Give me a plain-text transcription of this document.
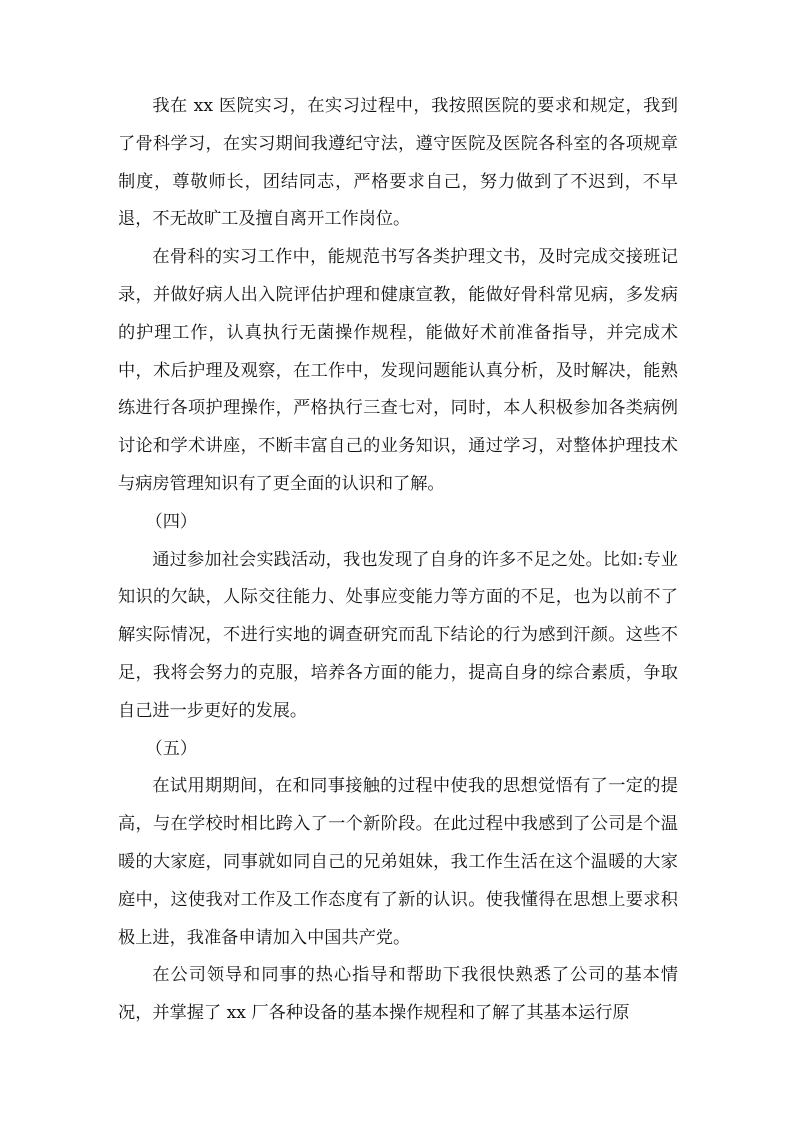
我在 xx 医院实习，在实习过程中，我按照医院的要求和规定，我到了骨科学习，在实习期间我遵纪守法，遵守医院及医院各科室的各项规章制度，尊敬师长，团结同志，严格要求自己，努力做到了不迟到，不早退，不无故旷工及擅自离开工作岗位。

在骨科的实习工作中，能规范书写各类护理文书，及时完成交接班记录，并做好病人出入院评估护理和健康宣教，能做好骨科常见病，多发病的护理工作，认真执行无菌操作规程，能做好术前准备指导，并完成术中，术后护理及观察，在工作中，发现问题能认真分析，及时解决，能熟练进行各项护理操作，严格执行三查七对，同时，本人积极参加各类病例讨论和学术讲座，不断丰富自己的业务知识，通过学习，对整体护理技术与病房管理知识有了更全面的认识和了解。

（四）

通过参加社会实践活动，我也发现了自身的许多不足之处。比如:专业知识的欠缺，人际交往能力、处事应变能力等方面的不足，也为以前不了解实际情况，不进行实地的调查研究而乱下结论的行为感到汗颜。这些不足，我将会努力的克服，培养各方面的能力，提高自身的综合素质，争取自己进一步更好的发展。

（五）

在试用期期间，在和同事接触的过程中使我的思想觉悟有了一定的提高，与在学校时相比跨入了一个新阶段。在此过程中我感到了公司是个温暖的大家庭，同事就如同自己的兄弟姐妹，我工作生活在这个温暖的大家庭中，这使我对工作及工作态度有了新的认识。使我懂得在思想上要求积极上进，我准备申请加入中国共产党。

在公司领导和同事的热心指导和帮助下我很快熟悉了公司的基本情况，并掌握了 xx 厂各种设备的基本操作规程和了解了其基本运行原
